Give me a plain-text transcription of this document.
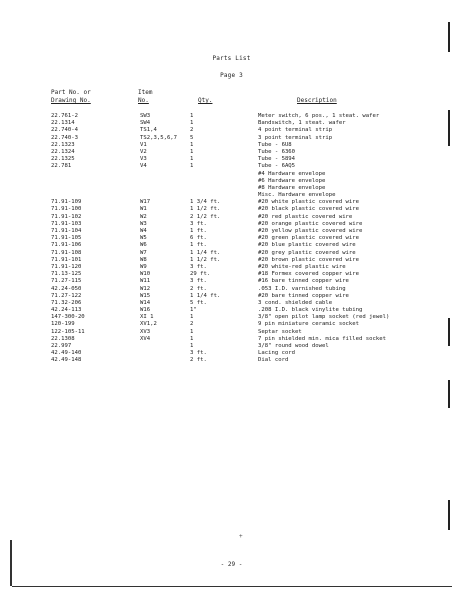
Parts List
Page 3
Part No. or
Drawing No.
Item
No.	Qty.	Description
22.761-2	SW3	1	Meter switch, 6 pos., 1 steat. wafer
22.1314	SW4	1	Bandswitch, 1 steat. wafer
22.740-4	TS1,4	2	4 point terminal strip
22.740-3	TS2,3,5,6,7 5	3 point terminal strip
22.1323	V1	1	Tube - 6U8
22.1324	V2	1	Tube - 6360
22.1325	V3	1	Tube - 5894
22.781	V4	1	Tube - 6AQ5
#4 Hardware envelope
#6 Hardware envelope
#8 Hardware envelope
Misc. Hardware envelope
71.91-109	W17	1 3/4 ft.	#20 white plastic covered wire
71.91-100	W1	1 1/2 ft.	#20 black plastic covered wire
71.91-102	W2	2 1/2 ft.	#20 red plastic covered wire
71.91-103	W3	3 ft.	#20 orange plastic covered wire
71.91-104	W4	1 ft.	#20 yellow plastic covered wire
71.91-105	W5	6 ft.	#20 green plastic covered wire
71.91-106	W6	1 ft.	#20 blue plastic covered wire
71.91-108	W7	1 1/4 ft.	#20 grey plastic covered wire
71.91-101	W8	1 1/2 ft.	#20 brown plastic covered wire
71.91-120	W9	3 ft.	#20 white-red plastic wire
71.13-125	W10	29 ft.	#18 Formex covered copper wire
71.27-115	W11	3 ft.	#16 bare tinned copper wire
42.24-050	W12	2 ft.	.053 I.D. varnished tubing
71.27-122	W15	1 1/4 ft.	#20 bare tinned copper wire
71.32-206	W14	5 ft.	3 cond. shielded cable
42.24-113	W16	1"	.208 I.D. black vinylite tubing
147-300-20	XI 1	1	3/8" open pilot lamp socket (red jewel)
120-199	XV1,2	2	9 pin miniature ceramic socket
122-105-11	XV3	1	Septar socket
22.1308	XV4	1	7 pin shielded min. mica filled socket
22.997	1	3/8" round wood dowel
42.49-140	3 ft.	Lacing cord
42.49-148	2 ft.	Dial cord
+
- 29 -
